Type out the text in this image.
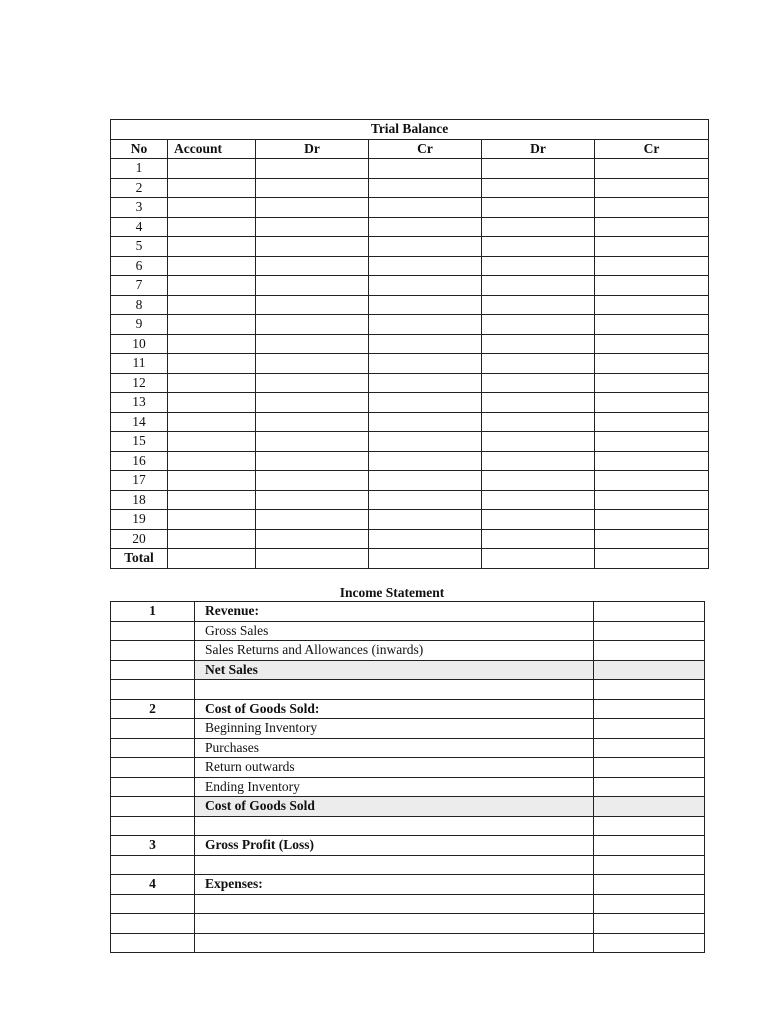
Trial Balance					
No	Account	Dr	Cr	Dr	Cr
1					
2					
3					
4					
5					
6					
7					
8					
9					
10					
11					
12					
13					
14					
15					
16					
17					
18					
19					
20					
Total					
Income Statement
1	Revenue:	
	Gross Sales	
	Sales Returns and Allowances (inwards)	
	Net Sales	

2	Cost of Goods Sold:	
	Beginning Inventory	
	Purchases	
	Return outwards	
	Ending Inventory	
	Cost of Goods Sold	

3	Gross Profit (Loss)	

4	Expenses:	
